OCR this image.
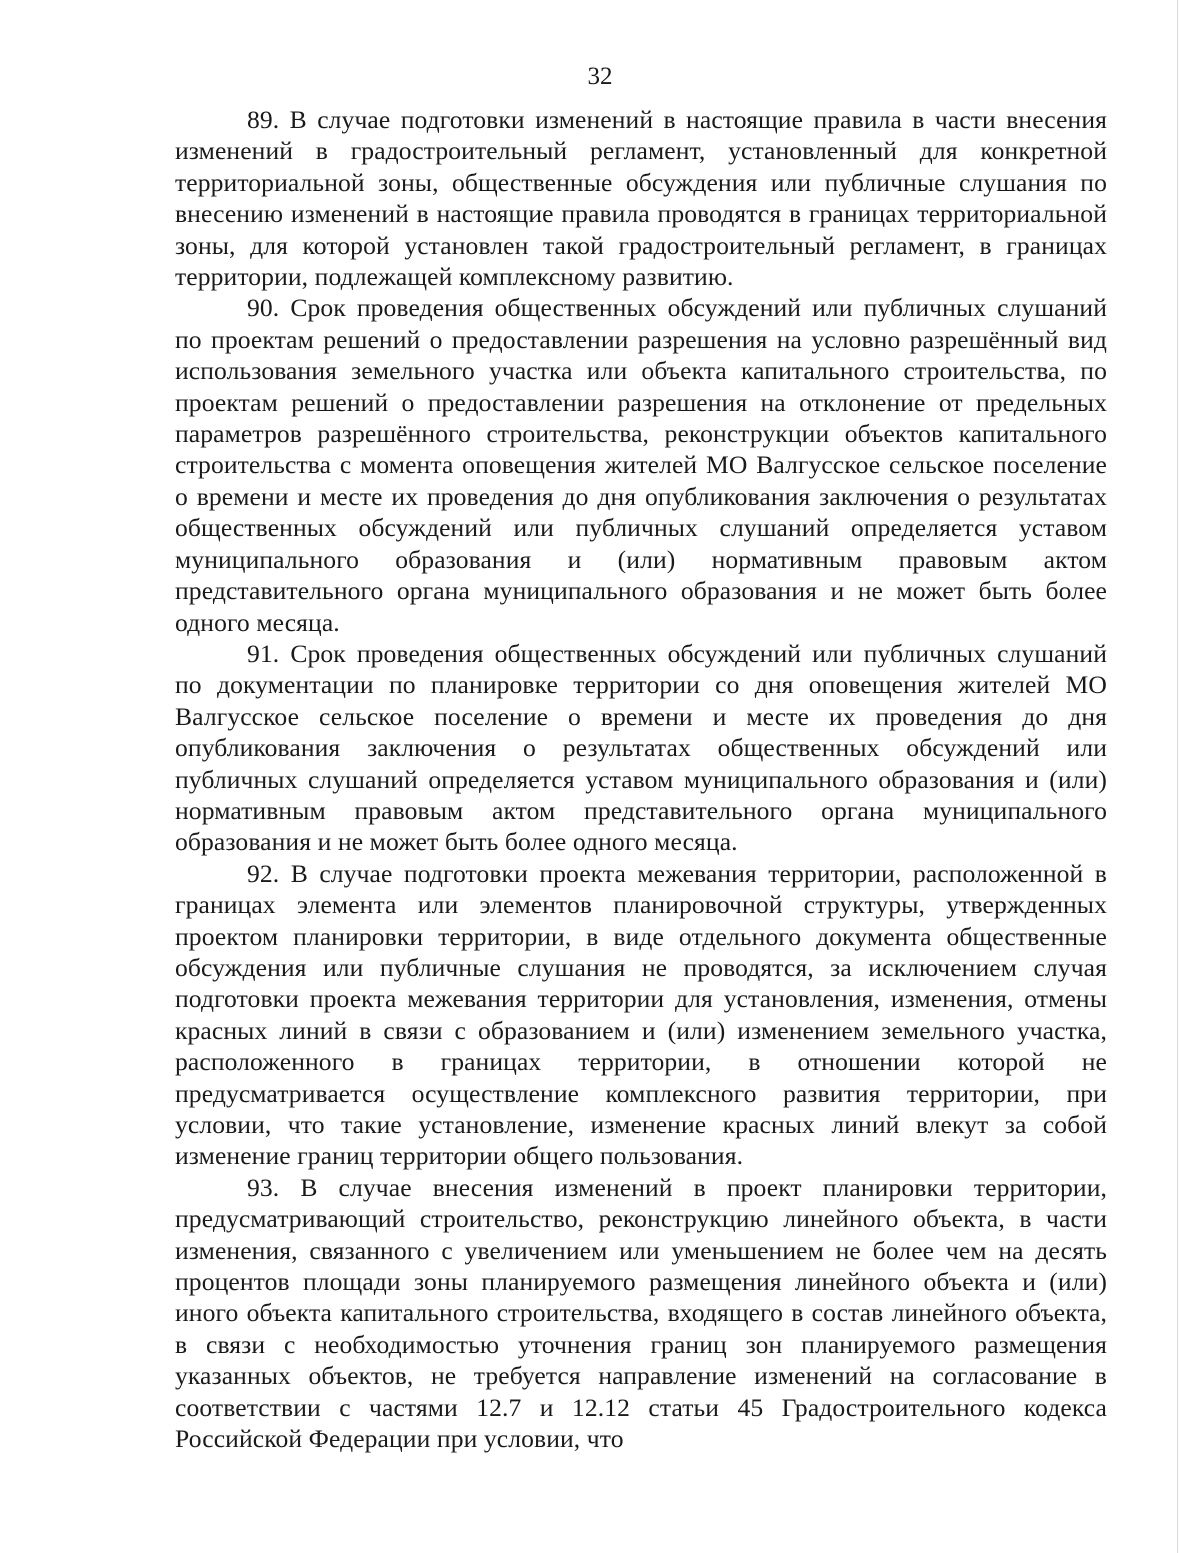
32

89. В случае подготовки изменений в настоящие правила в части внесения изменений в градостроительный регламент, установленный для конкретной территориальной зоны, общественные обсуждения или публичные слушания по внесению изменений в настоящие правила проводятся в границах территориальной зоны, для которой установлен такой градостроительный регламент, в границах территории, подлежащей комплексному развитию.

90. Срок проведения общественных обсуждений или публичных слушаний по проектам решений о предоставлении разрешения на условно разрешённый вид использования земельного участка или объекта капитального строительства, по проектам решений о предоставлении разрешения на отклонение от предельных параметров разрешённого строительства, реконструкции объектов капитального строительства с момента оповещения жителей МО Валгусское сельское поселение о времени и месте их проведения до дня опубликования заключения о результатах общественных обсуждений или публичных слушаний определяется уставом муниципального образования и (или) нормативным правовым актом представительного органа муниципального образования и не может быть более одного месяца.

91. Срок проведения общественных обсуждений или публичных слушаний по документации по планировке территории со дня оповещения жителей МО Валгусское сельское поселение о времени и месте их проведения до дня опубликования заключения о результатах общественных обсуждений или публичных слушаний определяется уставом муниципального образования и (или) нормативным правовым актом представительного органа муниципального образования и не может быть более одного месяца.

92. В случае подготовки проекта межевания территории, расположенной в границах элемента или элементов планировочной структуры, утвержденных проектом планировки территории, в виде отдельного документа общественные обсуждения или публичные слушания не проводятся, за исключением случая подготовки проекта межевания территории для установления, изменения, отмены красных линий в связи с образованием и (или) изменением земельного участка, расположенного в границах территории, в отношении которой не предусматривается осуществление комплексного развития территории, при условии, что такие установление, изменение красных линий влекут за собой изменение границ территории общего пользования.

93. В случае внесения изменений в проект планировки территории, предусматривающий строительство, реконструкцию линейного объекта, в части изменения, связанного с увеличением или уменьшением не более чем на десять процентов площади зоны планируемого размещения линейного объекта и (или) иного объекта капитального строительства, входящего в состав линейного объекта, в связи с необходимостью уточнения границ зон планируемого размещения указанных объектов, не требуется направление изменений на согласование в соответствии с частями 12.7 и 12.12 статьи 45 Градостроительного кодекса Российской Федерации при условии, что
